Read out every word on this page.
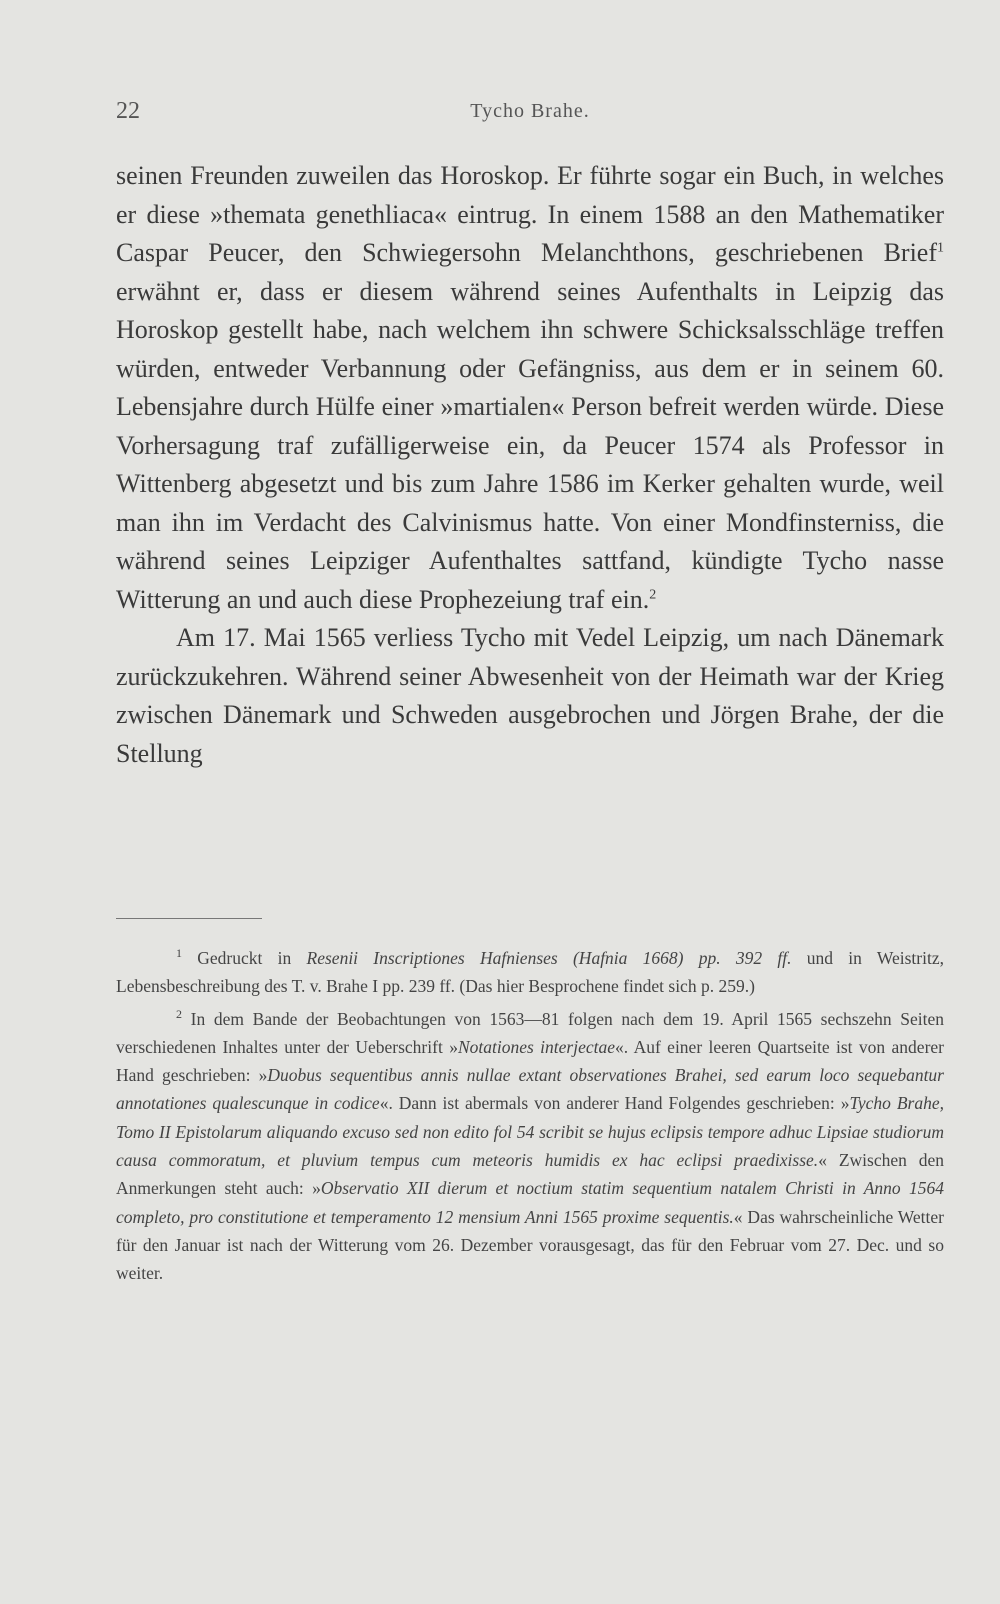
22	Tycho Brahe.

seinen Freunden zuweilen das Horoskop. Er führte sogar ein Buch, in welches er diese »themata genethliaca« eintrug. In einem 1588 an den Mathematiker Caspar Peucer, den Schwiegersohn Melanchthons, geschriebenen Brief$^1$ erwähnt er, dass er diesem während seines Aufenthalts in Leipzig das Horoskop gestellt habe, nach welchem ihn schwere Schicksalsschläge treffen würden, entweder Verbannung oder Gefängniss, aus dem er in seinem 60. Lebensjahre durch Hülfe einer »martialen« Person befreit werden würde. Diese Vorhersagung traf zufälligerweise ein, da Peucer 1574 als Professor in Wittenberg abgesetzt und bis zum Jahre 1586 im Kerker gehalten wurde, weil man ihn im Verdacht des Calvinismus hatte. Von einer Mondfinsterniss, die während seines Leipziger Aufenthaltes sattfand, kündigte Tycho nasse Witterung an und auch diese Prophezeiung traf ein.$^2$

Am 17. Mai 1565 verliess Tycho mit Vedel Leipzig, um nach Dänemark zurückzukehren. Während seiner Abwesenheit von der Heimath war der Krieg zwischen Dänemark und Schweden ausgebrochen und Jörgen Brahe, der die Stellung

$^1$ Gedruckt in Resenii Inscriptiones Hafnienses (Hafnia 1668) pp. 392 ff. und in Weistritz, Lebensbeschreibung des T. v. Brahe I pp. 239 ff. (Das hier Besprochene findet sich p. 259.)

$^2$ In dem Bande der Beobachtungen von 1563—81 folgen nach dem 19. April 1565 sechszehn Seiten verschiedenen Inhaltes unter der Ueberschrift »Notationes interjectae«. Auf einer leeren Quartseite ist von anderer Hand geschrieben: »Duobus sequentibus annis nullae extant observationes Brahei, sed earum loco sequebantur annotationes qualescunque in codice«. Dann ist abermals von anderer Hand Folgendes geschrieben: »Tycho Brahe, Tomo II Epistolarum aliquando excuso sed non edito fol 54 scribit se hujus eclipsis tempore adhuc Lipsiae studiorum causa commoratum, et pluvium tempus cum meteoris humidis ex hac eclipsi praedixisse.« Zwischen den Anmerkungen steht auch: »Observatio XII dierum et noctium statim sequentium natalem Christi in Anno 1564 completo, pro constitutione et temperamento 12 mensium Anni 1565 proxime sequentis.« Das wahrscheinliche Wetter für den Januar ist nach der Witterung vom 26. Dezember vorausgesagt, das für den Februar vom 27. Dec. und so weiter.
